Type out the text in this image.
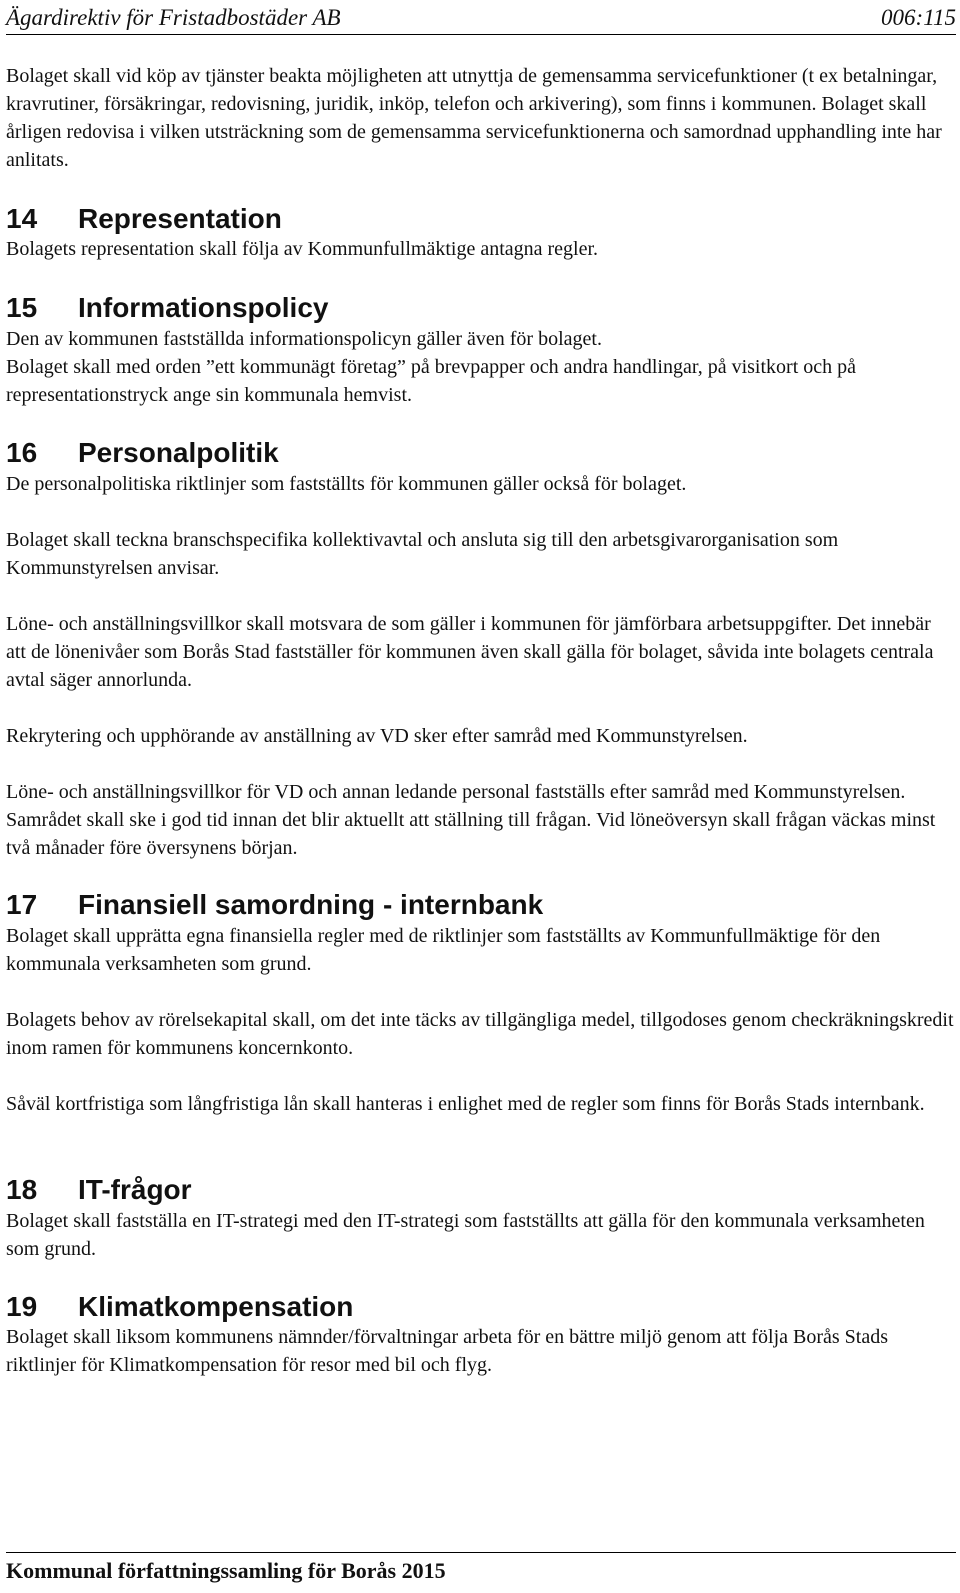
Ägardirektiv för Fristadbostäder AB	006:115
Bolaget skall vid köp av tjänster beakta möjligheten att utnyttja de gemensamma servicefunktioner (t ex betalningar, kravrutiner, försäkringar, redovisning, juridik, inköp, telefon och arkivering), som finns i kommunen. Bolaget skall årligen redovisa i vilken utsträckning som de gemensamma servicefunktionerna och samordnad upphandling inte har anlitats.
14 Representation
Bolagets representation skall följa av Kommunfullmäktige antagna regler.
15 Informationspolicy
Den av kommunen fastställda informationspolicyn gäller även för bolaget.
Bolaget skall med orden ”ett kommunägt företag” på brevpapper och andra handlingar, på visitkort och på representationstryck ange sin kommunala hemvist.
16 Personalpolitik
De personalpolitiska riktlinjer som fastställts för kommunen gäller också för bolaget.
Bolaget skall teckna branschspecifika kollektivavtal och ansluta sig till den arbetsgivarorganisation som Kommunstyrelsen anvisar.
Löne- och anställningsvillkor skall motsvara de som gäller i kommunen för jämförbara arbetsuppgifter. Det innebär att de lönenivåer som Borås Stad fastställer för kommunen även skall gälla för bolaget, såvida inte bolagets centrala avtal säger annorlunda.
Rekrytering och upphörande av anställning av VD sker efter samråd med Kommunstyrelsen.
Löne- och anställningsvillkor för VD och annan ledande personal fastställs efter samråd med Kommunstyrelsen. Samrådet skall ske i god tid innan det blir aktuellt att ställning till frågan. Vid löneöversyn skall frågan väckas minst två månader före översynens början.
17 Finansiell samordning - internbank
Bolaget skall upprätta egna finansiella regler med de riktlinjer som fastställts av Kommunfullmäktige för den kommunala verksamheten som grund.
Bolagets behov av rörelsekapital skall, om det inte täcks av tillgängliga medel, tillgodoses genom checkräkningskredit inom ramen för kommunens koncernkonto.
Såväl kortfristiga som långfristiga lån skall hanteras i enlighet med de regler som finns för Borås Stads internbank.
18 IT-frågor
Bolaget skall fastställa en IT-strategi med den IT-strategi som fastställts att gälla för den kommunala verksamheten som grund.
19 Klimatkompensation
Bolaget skall liksom kommunens nämnder/förvaltningar arbeta för en bättre miljö genom att följa Borås Stads riktlinjer för Klimatkompensation för resor med bil och flyg.
Kommunal författningssamling för Borås 2015
